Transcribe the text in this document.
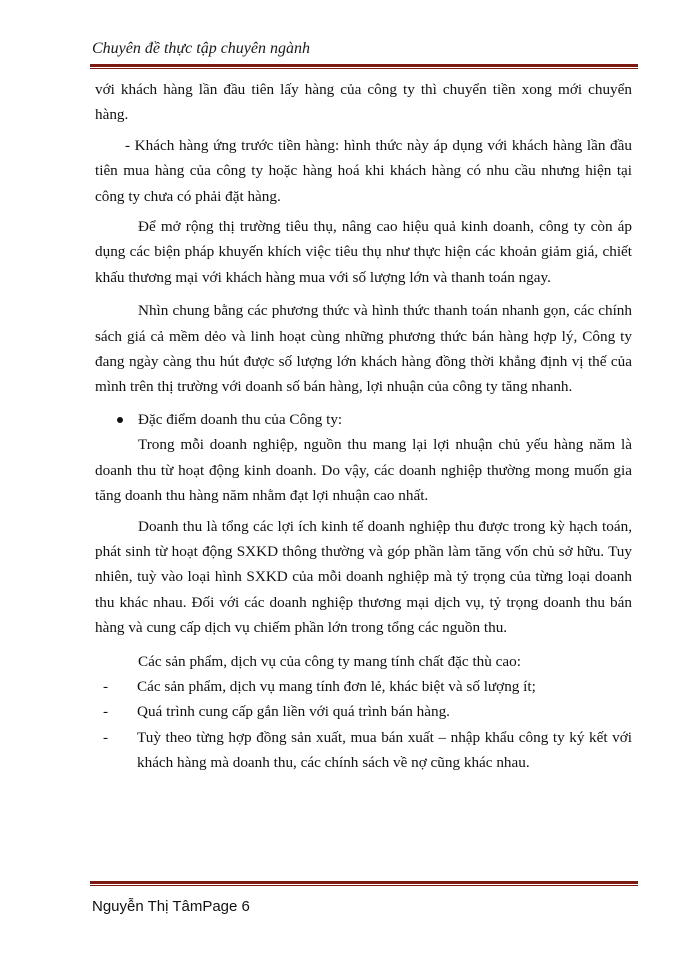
Chuyên đề thực tập chuyên ngành

với khách hàng lần đầu tiên lấy hàng của công ty thì chuyển tiền xong mới chuyển hàng.

- Khách hàng ứng trước tiền hàng: hình thức này áp dụng với khách hàng lần đầu tiên mua hàng của công ty hoặc hàng hoá khi khách hàng có nhu cầu nhưng hiện tại công ty chưa có phải đặt hàng.

Để mở rộng thị trường tiêu thụ, nâng cao hiệu quả kinh doanh, công ty còn áp dụng các biện pháp khuyến khích việc tiêu thụ như thực hiện các khoản giảm giá, chiết khấu thương mại với khách hàng mua với số lượng lớn và thanh toán ngay.

Nhìn chung bằng các phương thức và hình thức thanh toán nhanh gọn, các chính sách giá cả mềm dẻo và linh hoạt cùng những phương thức bán hàng hợp lý, Công ty đang ngày càng thu hút được số lượng lớn khách hàng đồng thời khẳng định vị thế của mình trên thị trường với doanh số bán hàng, lợi nhuận của công ty tăng nhanh.

Đặc điểm doanh thu của Công ty:

Trong mỗi doanh nghiệp, nguồn thu mang lại lợi nhuận chủ yếu hàng năm là doanh thu từ hoạt động kinh doanh. Do vậy, các doanh nghiệp thường mong muốn gia tăng doanh thu hàng năm nhằm đạt lợi nhuận cao nhất.

Doanh thu là tổng các lợi ích kinh tế doanh nghiệp thu được trong kỳ hạch toán, phát sinh từ hoạt động SXKD thông thường và góp phần làm tăng vốn chủ sở hữu. Tuy nhiên, tuỳ vào loại hình SXKD của mỗi doanh nghiệp mà tỷ trọng của từng loại doanh thu khác nhau. Đối với các doanh nghiệp thương mại dịch vụ, tỷ trọng doanh thu bán hàng và cung cấp dịch vụ chiếm phần lớn trong tổng các nguồn thu.

Các sản phẩm, dịch vụ của công ty mang tính chất đặc thù cao:

- Các sản phẩm, dịch vụ mang tính đơn lẻ, khác biệt và số lượng ít;
- Quá trình cung cấp gắn liền với quá trình bán hàng.
- Tuỳ theo từng hợp đồng sản xuất, mua bán xuất – nhập khẩu công ty ký kết với khách hàng mà doanh thu, các chính sách về nợ cũng khác nhau.
Nguyễn Thị TâmPage 6
